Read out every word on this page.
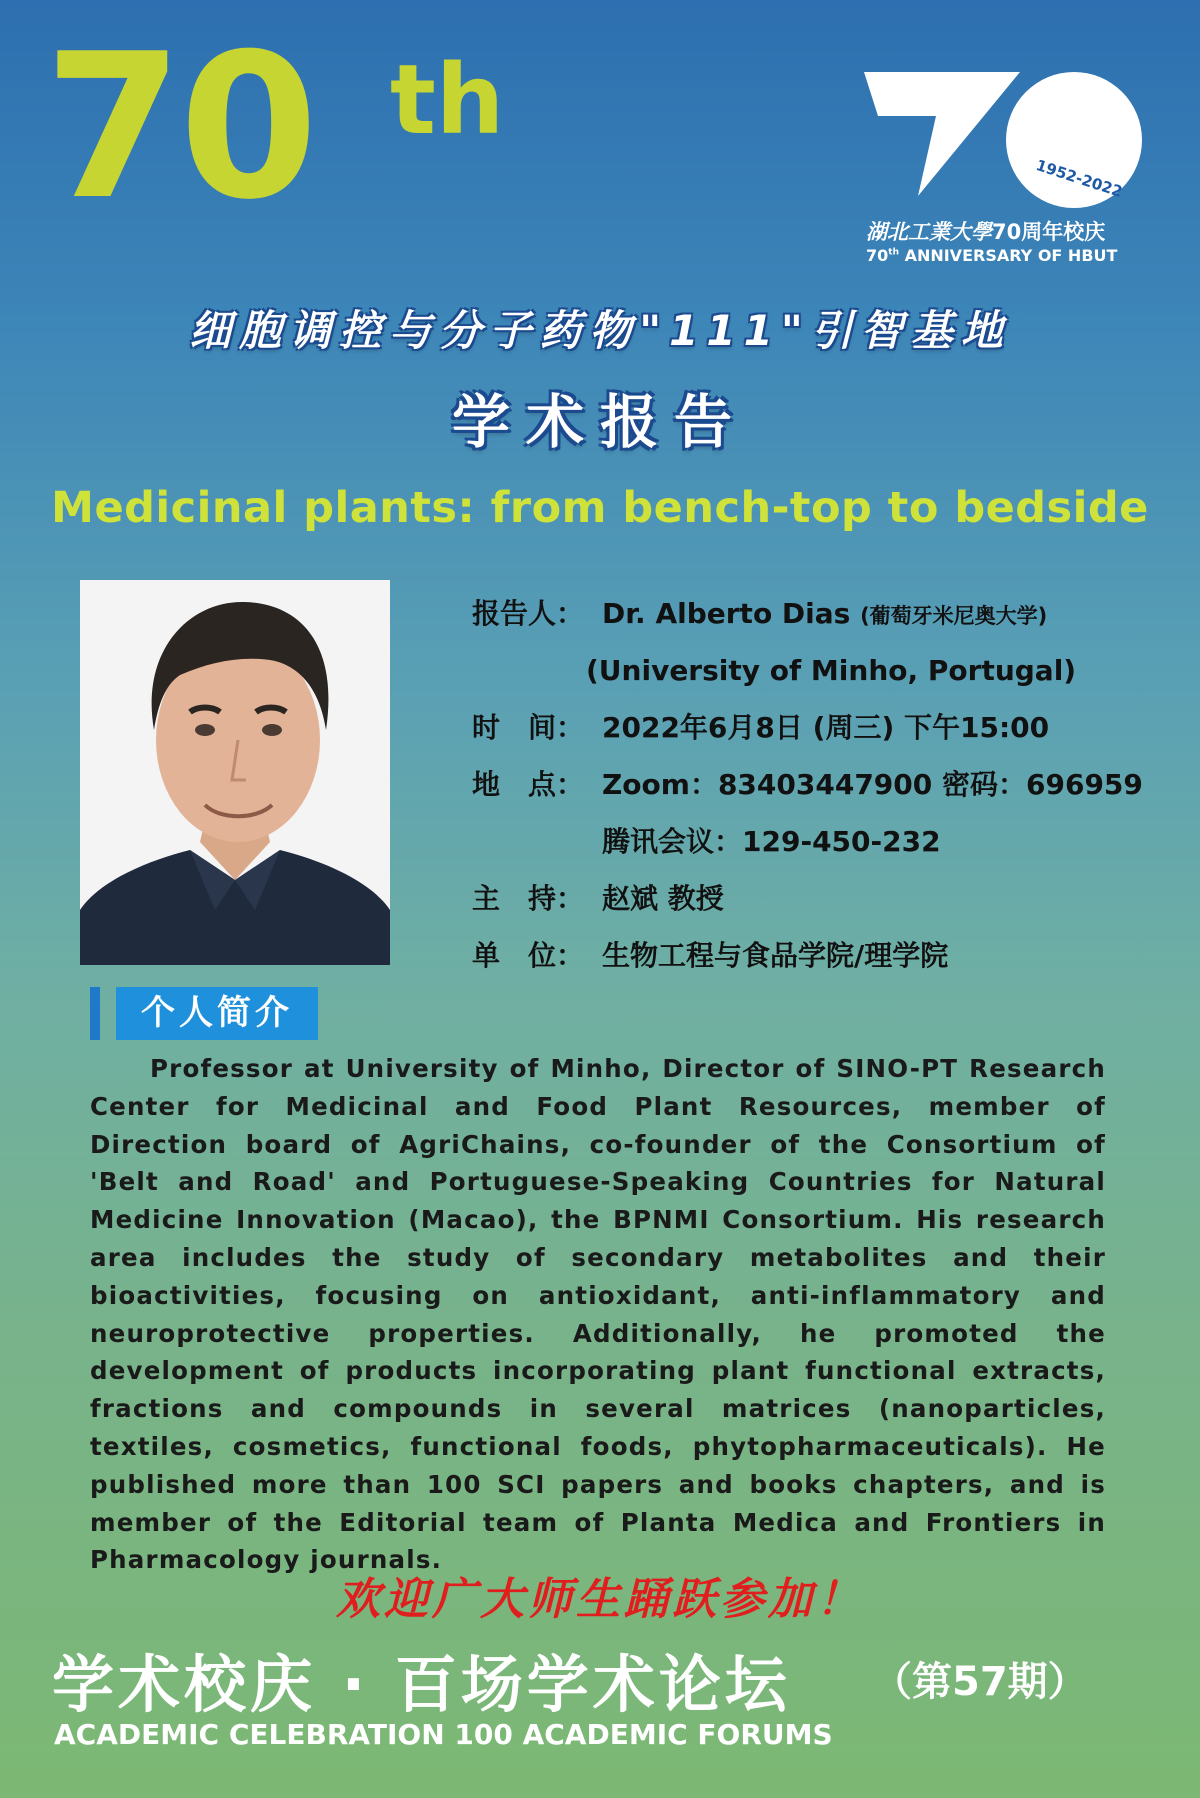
70 th
1952-2022
湖北工業大學70周年校庆
70th ANNIVERSARY OF HBUT
细胞调控与分子药物"111"引智基地
学术报告
Medicinal plants: from bench-top to bedside
报告人： Dr. Alberto Dias (葡萄牙米尼奥大学)
(University of Minho, Portugal)
时　间： 2022年6月8日 (周三) 下午15:00
地　点： Zoom：83403447900 密码：696959
腾讯会议：129-450-232
主　持： 赵斌 教授
单　位： 生物工程与食品学院/理学院
个人简介
Professor at University of Minho, Director of SINO-PT Research Center for Medicinal and Food Plant Resources, member of Direction board of AgriChains, co-founder of the Consortium of 'Belt and Road' and Portuguese-Speaking Countries for Natural Medicine Innovation (Macao), the BPNMI Consortium. His research area includes the study of secondary metabolites and their bioactivities, focusing on antioxidant, anti-inflammatory and neuroprotective properties. Additionally, he promoted the development of products incorporating plant functional extracts, fractions and compounds in several matrices (nanoparticles, textiles, cosmetics, functional foods, phytopharmaceuticals). He published more than 100 SCI papers and books chapters, and is member of the Editorial team of Planta Medica and Frontiers in Pharmacology journals.
欢迎广大师生踊跃参加！
学术校庆 · 百场学术论坛 （第57期）
ACADEMIC CELEBRATION 100 ACADEMIC FORUMS
